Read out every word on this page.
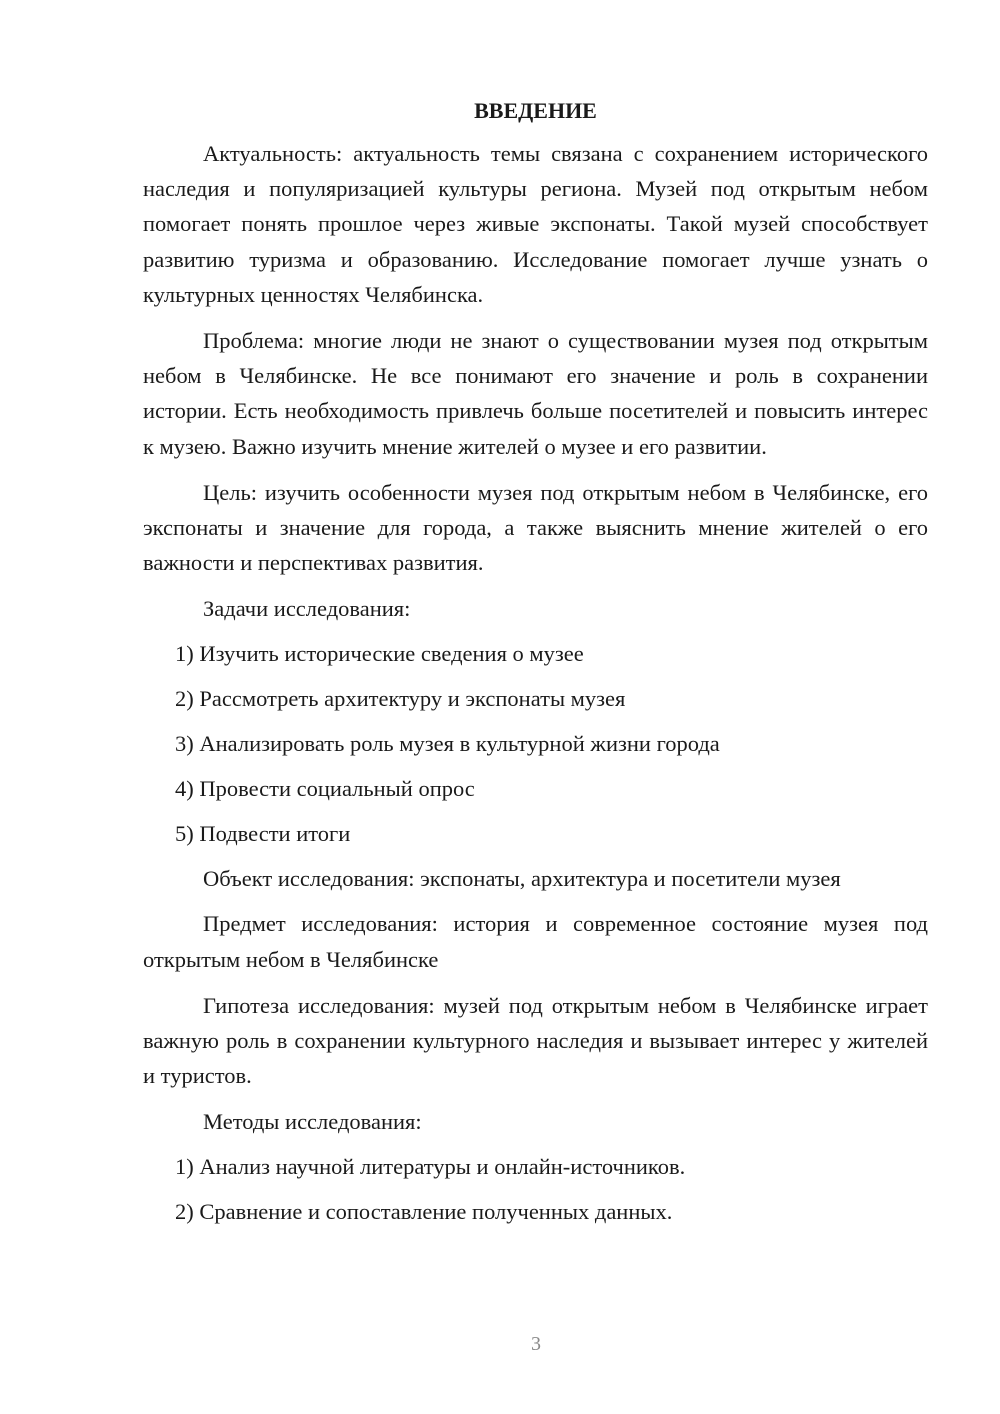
ВВЕДЕНИЕ

Актуальность: актуальность темы связана с сохранением исторического наследия и популяризацией культуры региона. Музей под открытым небом помогает понять прошлое через живые экспонаты. Такой музей способствует развитию туризма и образованию. Исследование помогает лучше узнать о культурных ценностях Челябинска.

Проблема: многие люди не знают о существовании музея под открытым небом в Челябинске. Не все понимают его значение и роль в сохранении истории. Есть необходимость привлечь больше посетителей и повысить интерес к музею. Важно изучить мнение жителей о музее и его развитии.

Цель: изучить особенности музея под открытым небом в Челябинске, его экспонаты и значение для города, а также выяснить мнение жителей о его важности и перспективах развития.

Задачи исследования:
1) Изучить исторические сведения о музее
2) Рассмотреть архитектуру и экспонаты музея
3) Анализировать роль музея в культурной жизни города
4) Провести социальный опрос
5) Подвести итоги
Объект исследования: экспонаты, архитектура и посетители музея

Предмет исследования: история и современное состояние музея под открытым небом в Челябинске

Гипотеза исследования: музей под открытым небом в Челябинске играет важную роль в сохранении культурного наследия и вызывает интерес у жителей и туристов.

Методы исследования:
1) Анализ научной литературы и онлайн-источников.
2) Сравнение и сопоставление полученных данных.
3
